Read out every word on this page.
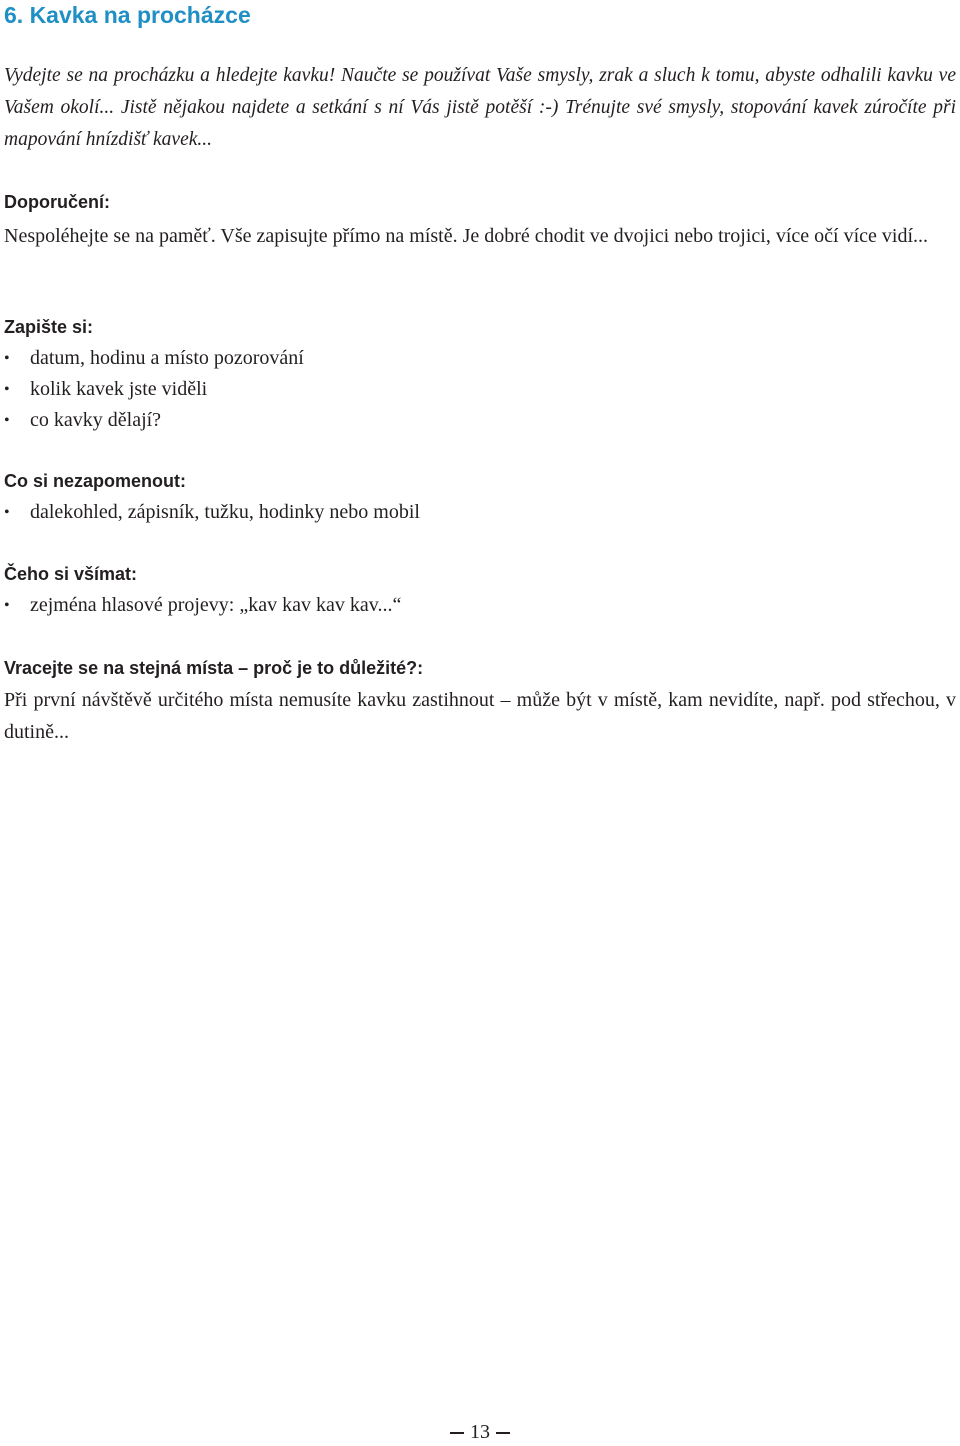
6. Kavka na procházce

Vydejte se na procházku a hledejte kavku! Naučte se používat Vaše smysly, zrak a sluch k tomu, abyste odhalili kavku ve Vašem okolí... Jistě nějakou najdete a setkání s ní Vás jistě potěší :-) Trénujte své smysly, stopování kavek zúročíte při mapování hnízdišť kavek...

Doporučení:

Nespoléhejte se na paměť. Vše zapisujte přímo na místě. Je dobré chodit ve dvojici nebo trojici, více očí více vidí...

Zapište si:
• datum, hodinu a místo pozorování
• kolik kavek jste viděli
• co kavky dělají?
Co si nezapomenout:
• dalekohled, zápisník, tužku, hodinky nebo mobil
Čeho si všímat:
• zejména hlasové projevy: „kav kav kav kav...“
Vracejte se na stejná místa – proč je to důležité?:

Při první návštěvě určitého místa nemusíte kavku zastihnout – může být v místě, kam nevidíte, např. pod střechou, v dutině...

13
